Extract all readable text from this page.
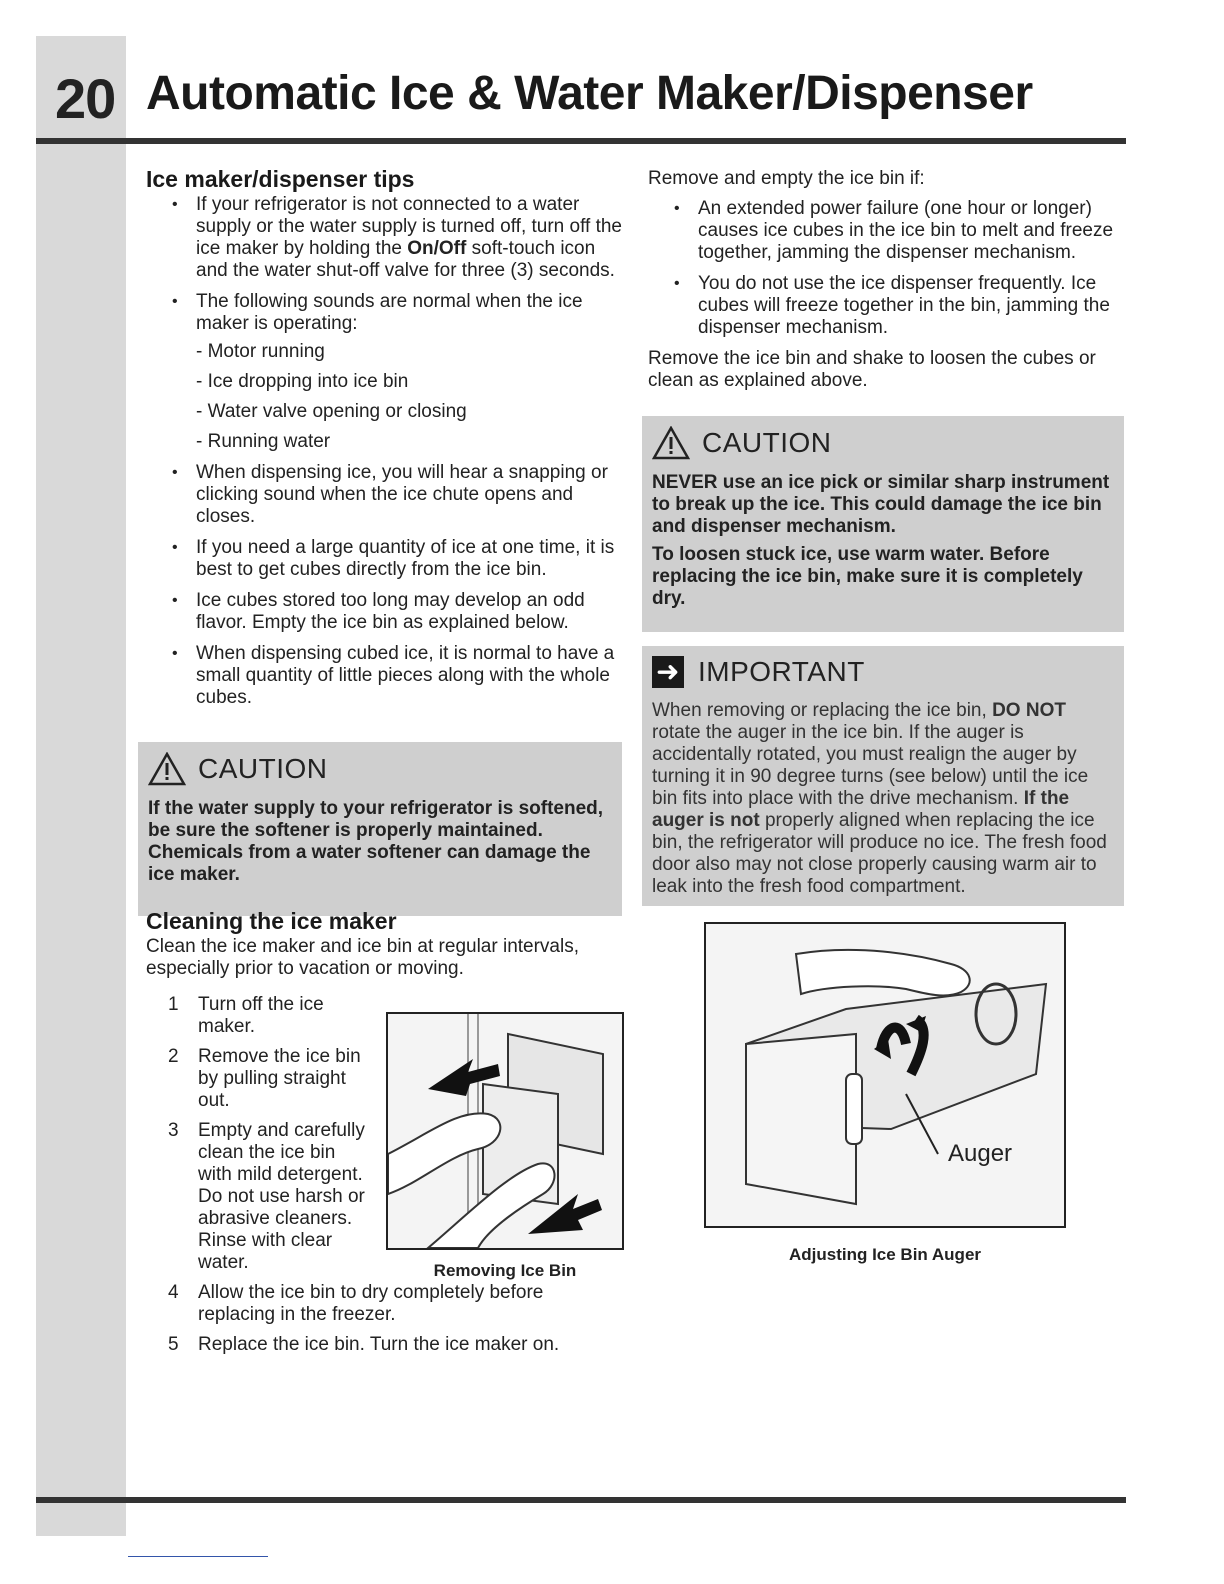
20 Automatic Ice & Water Maker/Dispenser
Ice maker/dispenser tips
• If your refrigerator is not connected to a water supply or the water supply is turned off, turn off the ice maker by holding the On/Off soft-touch icon and the water shut-off valve for three (3) seconds.
• The following sounds are normal when the ice maker is operating:
- Motor running
- Ice dropping into ice bin
- Water valve opening or closing
- Running water
• When dispensing ice, you will hear a snapping or clicking sound when the ice chute opens and closes.
• If you need a large quantity of ice at one time, it is best to get cubes directly from the ice bin.
• Ice cubes stored too long may develop an odd flavor. Empty the ice bin as explained below.
• When dispensing cubed ice, it is normal to have a small quantity of little pieces along with the whole cubes.
CAUTION

If the water supply to your refrigerator is softened, be sure the softener is properly maintained. Chemicals from a water softener can damage the ice maker.

Cleaning the ice maker
Clean the ice maker and ice bin at regular intervals, especially prior to vacation or moving.
1 Turn off the ice maker.
2 Remove the ice bin by pulling straight out.
3 Empty and carefully clean the ice bin with mild detergent. Do not use harsh or abrasive cleaners. Rinse with clear water.
4 Allow the ice bin to dry completely before replacing in the freezer.
5 Replace the ice bin. Turn the ice maker on.
Removing Ice Bin
Remove and empty the ice bin if:
• An extended power failure (one hour or longer) causes ice cubes in the ice bin to melt and freeze together, jamming the dispenser mechanism.
• You do not use the ice dispenser frequently. Ice cubes will freeze together in the bin, jamming the dispenser mechanism.
Remove the ice bin and shake to loosen the cubes or clean as explained above.
CAUTION

NEVER use an ice pick or similar sharp instrument to break up the ice. This could damage the ice bin and dispenser mechanism.

To loosen stuck ice, use warm water. Before replacing the ice bin, make sure it is completely dry.

➜ IMPORTANT

When removing or replacing the ice bin, DO NOT rotate the auger in the ice bin. If the auger is accidentally rotated, you must realign the auger by turning it in 90 degree turns (see below) until the ice bin fits into place with the drive mechanism. If the auger is not properly aligned when replacing the ice bin, the refrigerator will produce no ice. The fresh food door also may not close properly causing warm air to leak into the fresh food compartment.

Auger
Adjusting Ice Bin Auger
